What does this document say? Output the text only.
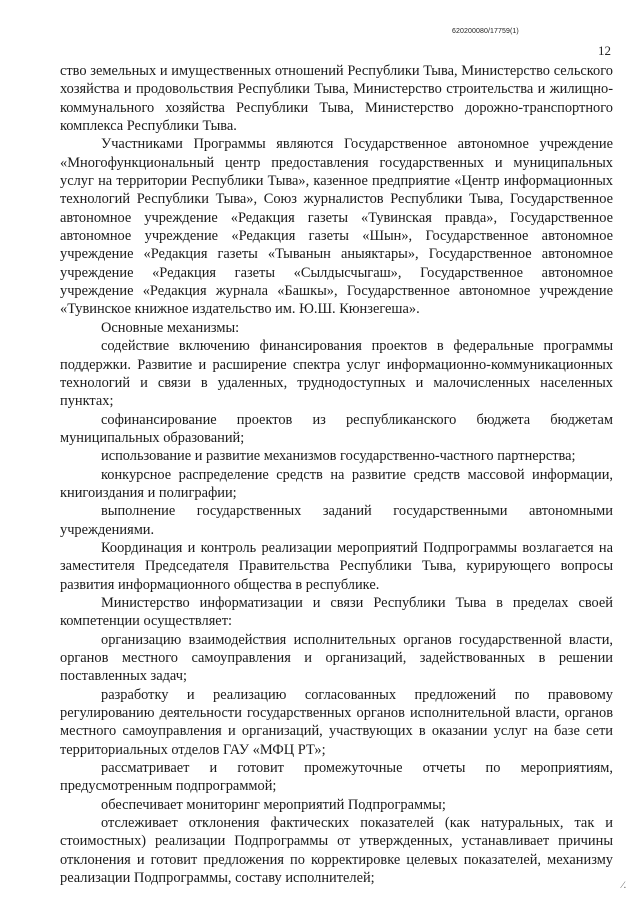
620200080/17759(1)
12

ство земельных и имущественных отношений Республики Тыва, Министерство сельского хозяйства и продовольствия Республики Тыва, Министерство строительства и жилищно-коммунального хозяйства Республики Тыва, Министерство дорожно-транспортного комплекса Республики Тыва.

Участниками Программы являются Государственное автономное учреждение «Многофункциональный центр предоставления государственных и муниципальных услуг на территории Республики Тыва», казенное предприятие «Центр информационных технологий Республики Тыва», Союз журналистов Республики Тыва, Государственное автономное учреждение «Редакция газеты «Тувинская правда», Государственное автономное учреждение «Редакция газеты «Шын», Государственное автономное учреждение «Редакция газеты «Тыванын аныяктары», Государственное автономное учреждение «Редакция газеты «Сылдысчыгаш», Государственное автономное учреждение «Редакция журнала «Башкы», Государственное автономное учреждение «Тувинское книжное издательство им. Ю.Ш. Кюнзегеша».

Основные механизмы:

содействие включению финансирования проектов в федеральные программы поддержки. Развитие и расширение спектра услуг информационно-коммуникационных технологий и связи в удаленных, труднодоступных и малочисленных населенных пунктах;

софинансирование проектов из республиканского бюджета бюджетам муниципальных образований;

использование и развитие механизмов государственно-частного партнерства;

конкурсное распределение средств на развитие средств массовой информации, книгоиздания и полиграфии;

выполнение государственных заданий государственными автономными учреждениями.

Координация и контроль реализации мероприятий Подпрограммы возлагается на заместителя Председателя Правительства Республики Тыва, курирующего вопросы развития информационного общества в республике.

Министерство информатизации и связи Республики Тыва в пределах своей компетенции осуществляет:

организацию взаимодействия исполнительных органов государственной власти, органов местного самоуправления и организаций, задействованных в решении поставленных задач;

разработку и реализацию согласованных предложений по правовому регулированию деятельности государственных органов исполнительной власти, органов местного самоуправления и организаций, участвующих в оказании услуг на базе сети территориальных отделов ГАУ «МФЦ РТ»;

рассматривает и готовит промежуточные отчеты по мероприятиям, предусмотренным подпрограммой;

обеспечивает мониторинг мероприятий Подпрограммы;

отслеживает отклонения фактических показателей (как натуральных, так и стоимостных) реализации Подпрограммы от утвержденных, устанавливает причины отклонения и готовит предложения по корректировке целевых показателей, механизму реализации Подпрограммы, составу исполнителей;	∕.
